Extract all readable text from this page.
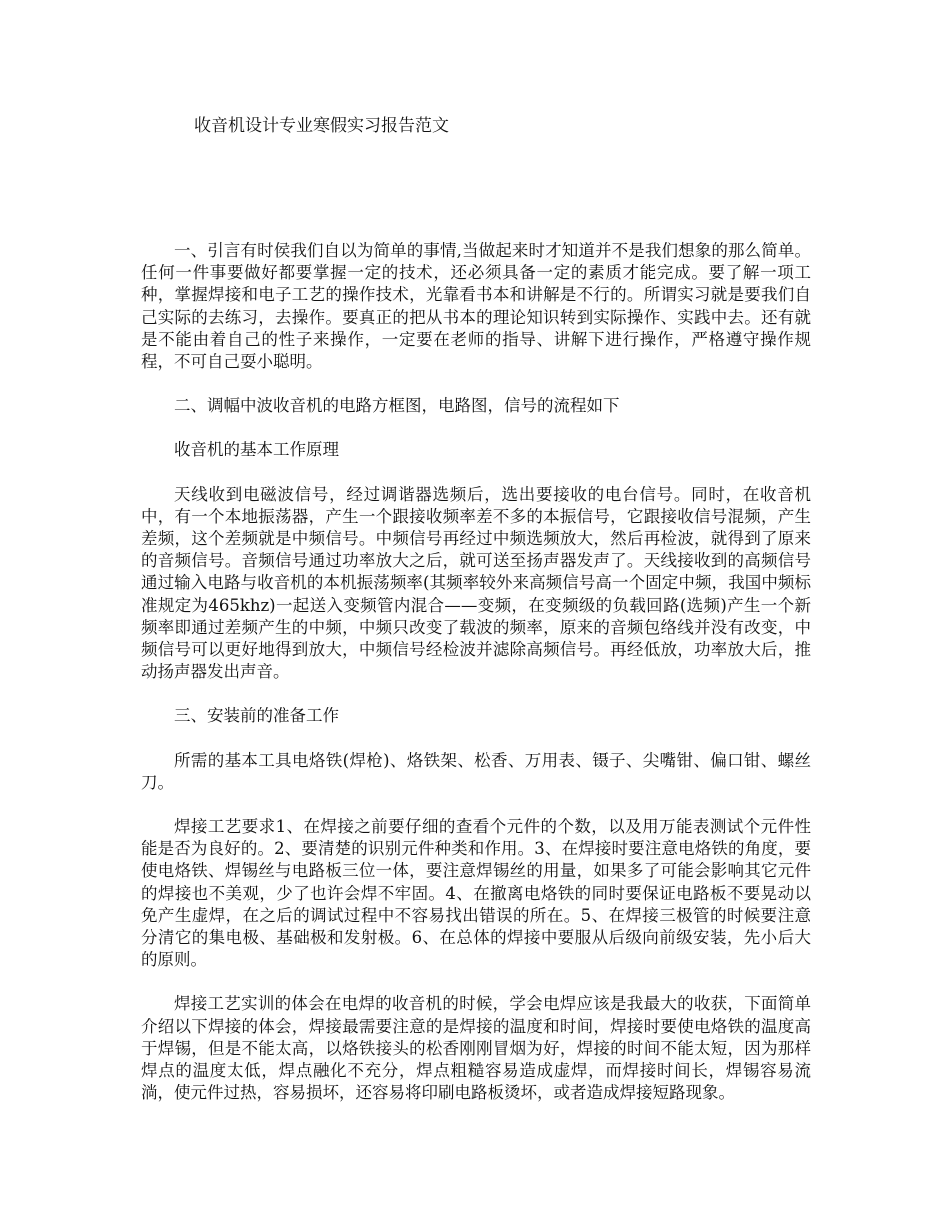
收音机设计专业寒假实习报告范文

一、引言有时侯我们自以为简单的事情,当做起来时才知道并不是我们想象的那么简单。任何一件事要做好都要掌握一定的技术，还必须具备一定的素质才能完成。要了解一项工种，掌握焊接和电子工艺的操作技术，光靠看书本和讲解是不行的。所谓实习就是要我们自己实际的去练习，去操作。要真正的把从书本的理论知识转到实际操作、实践中去。还有就是不能由着自己的性子来操作，一定要在老师的指导、讲解下进行操作，严格遵守操作规程，不可自己耍小聪明。

二、调幅中波收音机的电路方框图，电路图，信号的流程如下

收音机的基本工作原理

天线收到电磁波信号，经过调谐器选频后，选出要接收的电台信号。同时，在收音机中，有一个本地振荡器，产生一个跟接收频率差不多的本振信号，它跟接收信号混频，产生差频，这个差频就是中频信号。中频信号再经过中频选频放大，然后再检波，就得到了原来的音频信号。音频信号通过功率放大之后，就可送至扬声器发声了。天线接收到的高频信号通过输入电路与收音机的本机振荡频率(其频率较外来高频信号高一个固定中频，我国中频标准规定为465khz)一起送入变频管内混合——变频，在变频级的负载回路(选频)产生一个新频率即通过差频产生的中频，中频只改变了载波的频率，原来的音频包络线并没有改变，中频信号可以更好地得到放大，中频信号经检波并滤除高频信号。再经低放，功率放大后，推动扬声器发出声音。

三、安装前的准备工作

所需的基本工具电烙铁(焊枪)、烙铁架、松香、万用表、镊子、尖嘴钳、偏口钳、螺丝刀。

焊接工艺要求1、在焊接之前要仔细的查看个元件的个数，以及用万能表测试个元件性能是否为良好的。2、要清楚的识别元件种类和作用。3、在焊接时要注意电烙铁的角度，要使电烙铁、焊锡丝与电路板三位一体，要注意焊锡丝的用量，如果多了可能会影响其它元件的焊接也不美观，少了也许会焊不牢固。4、在撤离电烙铁的同时要保证电路板不要晃动以免产生虚焊，在之后的调试过程中不容易找出错误的所在。5、在焊接三极管的时候要注意分清它的集电极、基础极和发射极。6、在总体的焊接中要服从后级向前级安装，先小后大的原则。

焊接工艺实训的体会在电焊的收音机的时候，学会电焊应该是我最大的收获，下面简单介绍以下焊接的体会，焊接最需要注意的是焊接的温度和时间，焊接时要使电烙铁的温度高于焊锡，但是不能太高，以烙铁接头的松香刚刚冒烟为好，焊接的时间不能太短，因为那样焊点的温度太低，焊点融化不充分，焊点粗糙容易造成虚焊，而焊接时间长，焊锡容易流淌，使元件过热，容易损坏，还容易将印刷电路板烫坏，或者造成焊接短路现象。
